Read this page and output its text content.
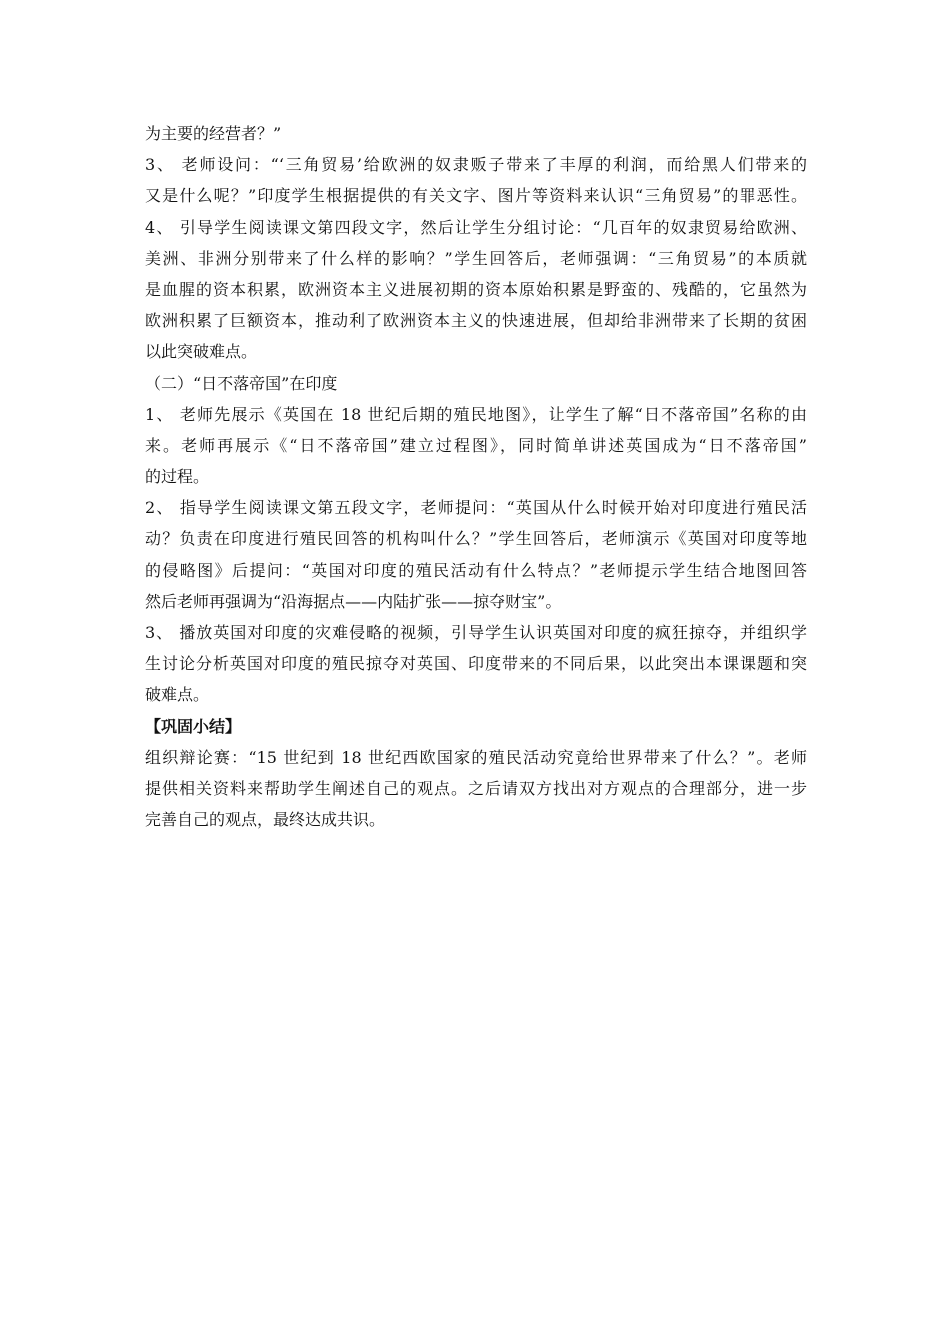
为主要的经营者？”
3、 老师设问：“‘三角贸易’给欧洲的奴隶贩子带来了丰厚的利润，而给黑人们带来的
又是什么呢？”印度学生根据提供的有关文字、图片等资料来认识“三角贸易”的罪恶性。
4、 引导学生阅读课文第四段文字，然后让学生分组讨论：“几百年的奴隶贸易给欧洲、
美洲、非洲分别带来了什么样的影响？”学生回答后，老师强调：“三角贸易”的本质就
是血腥的资本积累，欧洲资本主义进展初期的资本原始积累是野蛮的、残酷的，它虽然为
欧洲积累了巨额资本，推动利了欧洲资本主义的快速进展，但却给非洲带来了长期的贫困
以此突破难点。
（二）“日不落帝国”在印度
1、 老师先展示《英国在 18 世纪后期的殖民地图》，让学生了解“日不落帝国”名称的由
来。老师再展示《“日不落帝国”建立过程图》，同时简单讲述英国成为“日不落帝国”
的过程。
2、 指导学生阅读课文第五段文字，老师提问：“英国从什么时候开始对印度进行殖民活
动？负责在印度进行殖民回答的机构叫什么？”学生回答后，老师演示《英国对印度等地
的侵略图》后提问：“英国对印度的殖民活动有什么特点？”老师提示学生结合地图回答
然后老师再强调为“沿海据点——内陆扩张——掠夺财宝”。
3、 播放英国对印度的灾难侵略的视频，引导学生认识英国对印度的疯狂掠夺，并组织学
生讨论分析英国对印度的殖民掠夺对英国、印度带来的不同后果，以此突出本课课题和突
破难点。
【巩固小结】
组织辩论赛：“15 世纪到 18 世纪西欧国家的殖民活动究竟给世界带来了什么？”。老师
提供相关资料来帮助学生阐述自己的观点。之后请双方找出对方观点的合理部分，进一步
完善自己的观点，最终达成共识。
